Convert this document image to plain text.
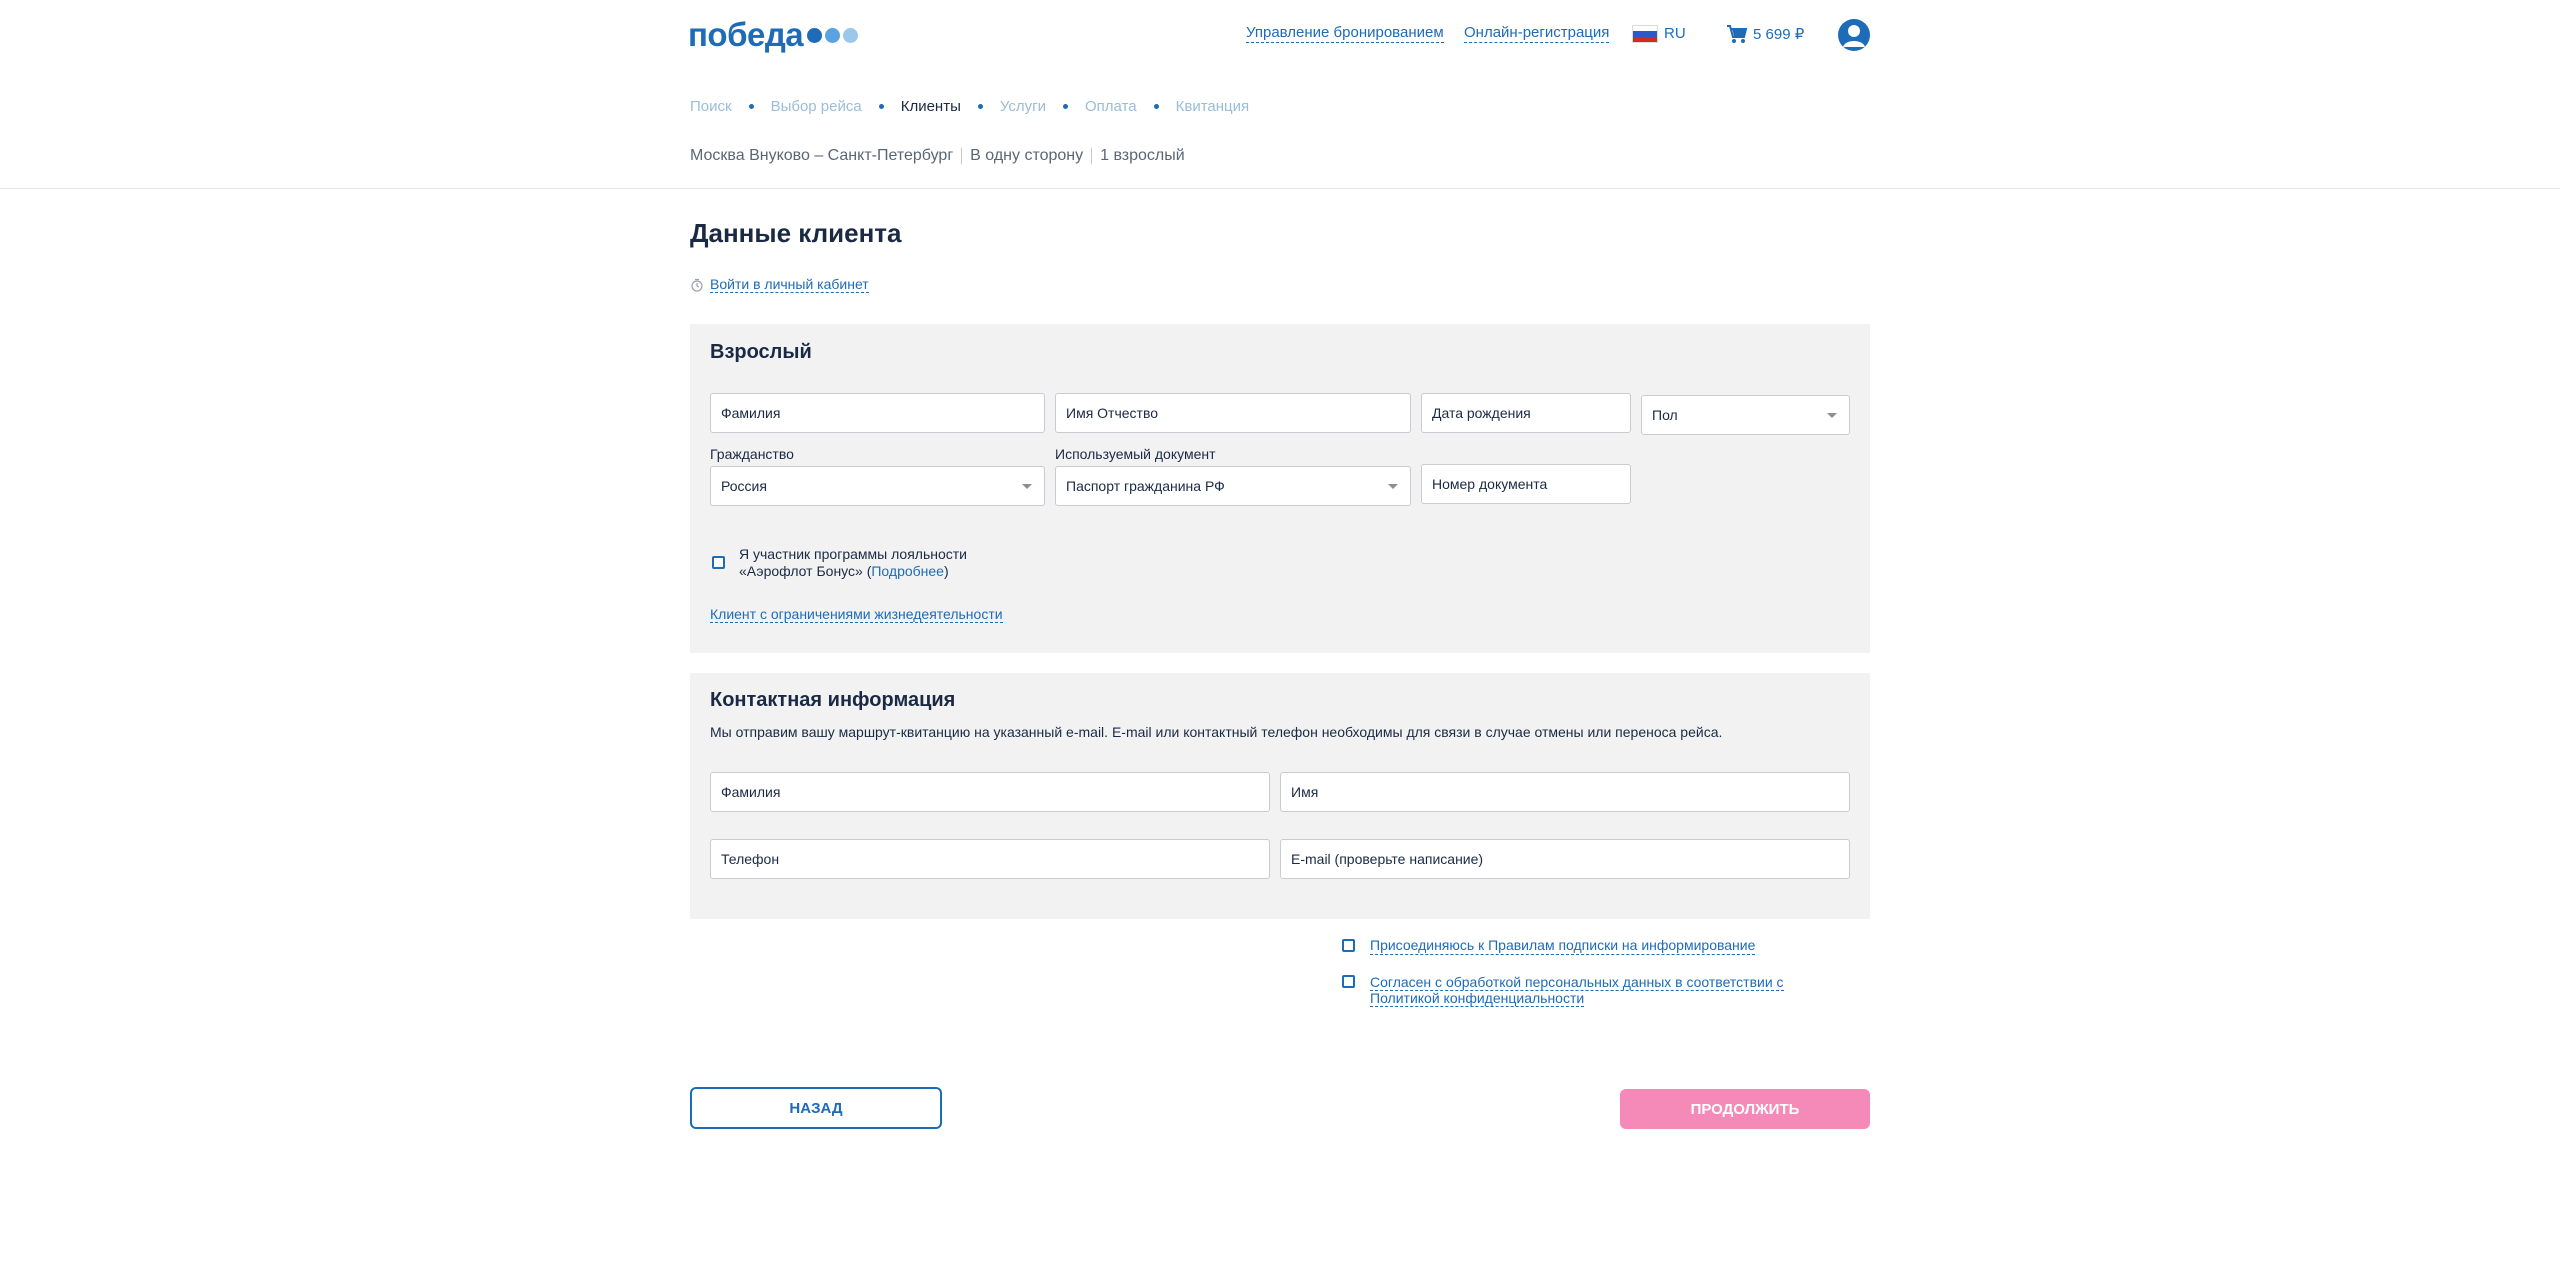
победа	Управление бронированием Онлайн-регистрация	RU	5 699 ₽
Поиск	Выбор рейса	Клиенты	Услуги	Оплата	Квитанция
Москва Внуково – Санкт-Петербург В одну сторону 1 взрослый
Данные клиента
Войти в личный кабинет
Взрослый
Фамилия	Имя Отчество	Дата рождения	Пол
Гражданство
Россия
Используемый документ
Паспорт гражданина РФ	Номер документа
Я участник программы лояльности
«Аэрофлот Бонус» (Подробнее)
Клиент с ограничениями жизнедеятельности
Контактная информация
Мы отправим вашу маршрут-квитанцию на указанный e-mail. E-mail или контактный телефон необходимы для связи в случае отмены или переноса рейса.
Фамилия	Имя
Телефон	E-mail (проверьте написание)
Присоединяюсь к Правилам подписки на информирование
Согласен с обработкой персональных данных в соответствии с
Политикой конфиденциальности
НАЗАД	ПРОДОЛЖИТЬ
